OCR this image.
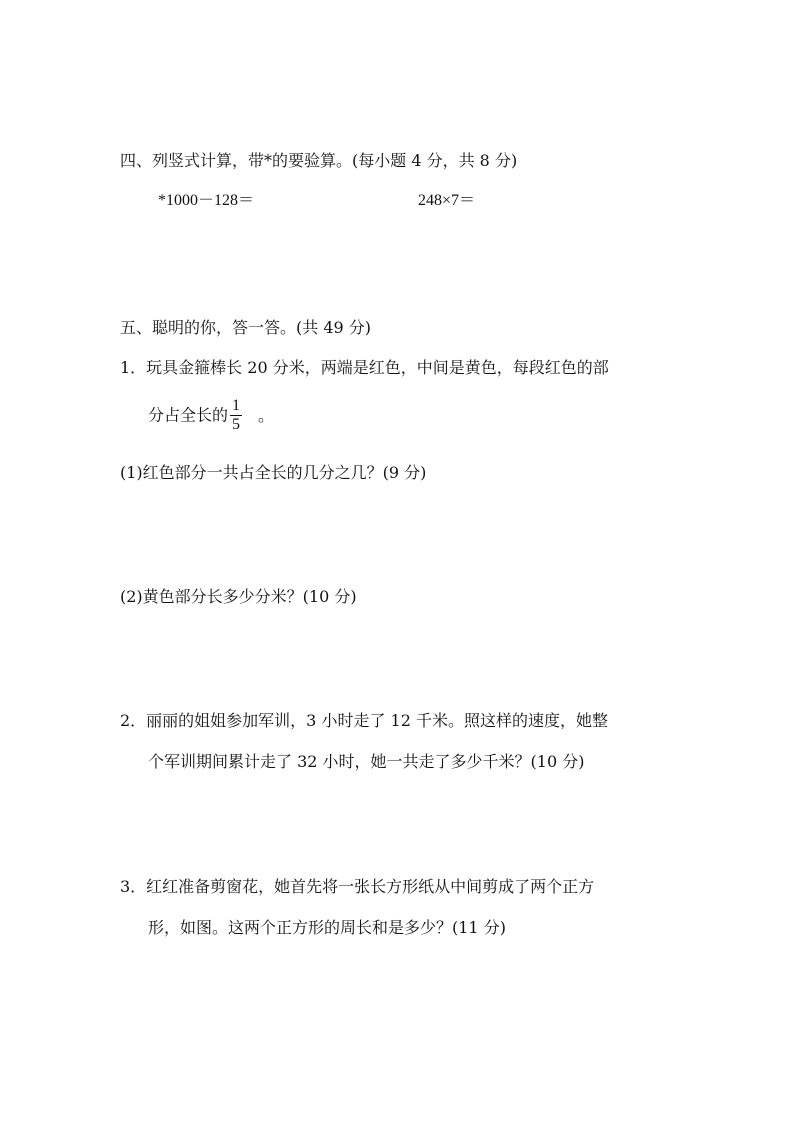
四、列竖式计算，带*的要验算。(每小题 4 分，共 8 分)
*1000－128＝	248×7＝
五、聪明的你，答一答。(共 49 分)
1．玩具金箍棒长 20 分米，两端是红色，中间是黄色，每段红色的部
分占全长的 $\frac{1}{5}$ 。
(1)红色部分一共占全长的几分之几？(9 分)
(2)黄色部分长多少分米？(10 分)
2．丽丽的姐姐参加军训，3 小时走了 12 千米。照这样的速度，她整
个军训期间累计走了 32 小时，她一共走了多少千米？(10 分)
3．红红准备剪窗花，她首先将一张长方形纸从中间剪成了两个正方
形，如图。这两个正方形的周长和是多少？(11 分)
